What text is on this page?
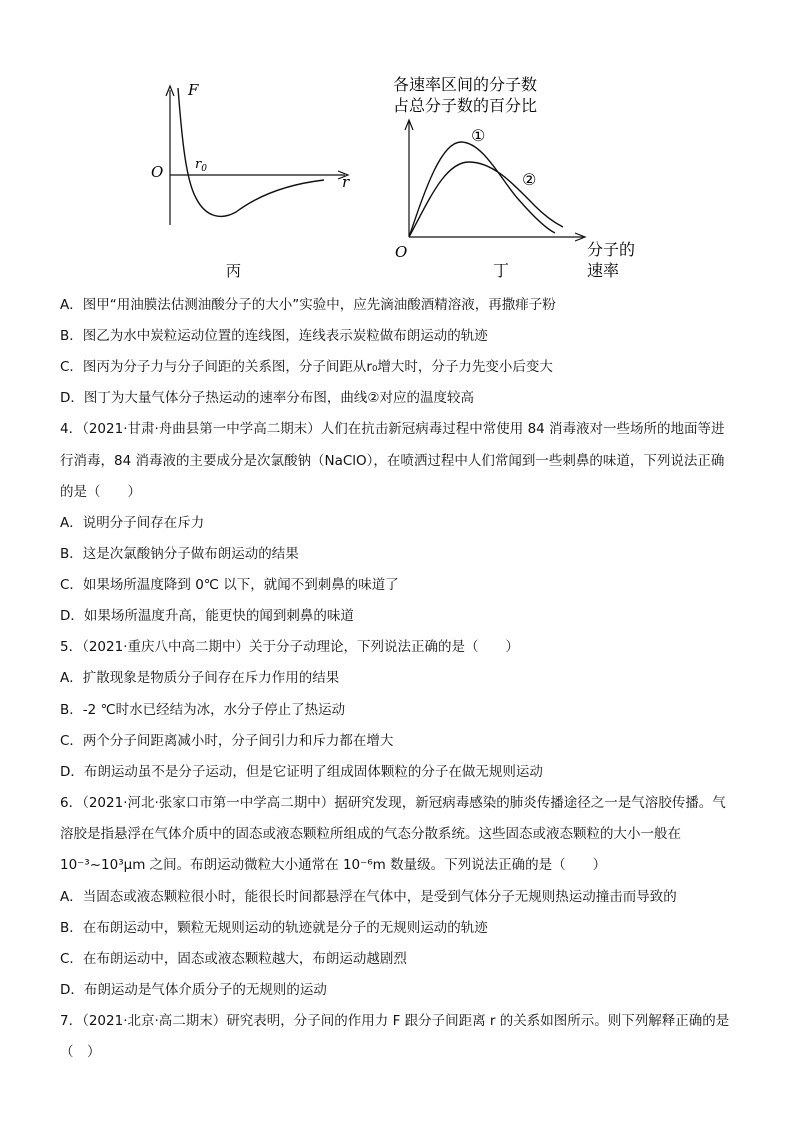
F
O $r_0$
r
丙
各速率区间的分子数
占总分子数的百分比
①
②
O	分子的
速率
丁
A．图甲“用油膜法估测油酸分子的大小”实验中，应先滴油酸酒精溶液，再撒痱子粉
B．图乙为水中炭粒运动位置的连线图，连线表示炭粒做布朗运动的轨迹
C．图丙为分子力与分子间距的关系图，分子间距从r₀增大时，分子力先变小后变大
D．图丁为大量气体分子热运动的速率分布图，曲线②对应的温度较高
4．（2021·甘肃·舟曲县第一中学高二期末）人们在抗击新冠病毒过程中常使用 84 消毒液对一些场所的地面等进
行消毒，84 消毒液的主要成分是次氯酸钠（NaClO），在喷洒过程中人们常闻到一些刺鼻的味道，下列说法正确
的是（　　）
A．说明分子间存在斥力
B．这是次氯酸钠分子做布朗运动的结果
C．如果场所温度降到 0℃ 以下，就闻不到刺鼻的味道了
D．如果场所温度升高，能更快的闻到刺鼻的味道
5．（2021·重庆八中高二期中）关于分子动理论，下列说法正确的是（　　）
A．扩散现象是物质分子间存在斥力作用的结果
B．-2 ℃时水已经结为冰，水分子停止了热运动
C．两个分子间距离减小时，分子间引力和斥力都在增大
D．布朗运动虽不是分子运动，但是它证明了组成固体颗粒的分子在做无规则运动
6．（2021·河北·张家口市第一中学高二期中）据研究发现，新冠病毒感染的肺炎传播途径之一是气溶胶传播。气
溶胶是指悬浮在气体介质中的固态或液态颗粒所组成的气态分散系统。这些固态或液态颗粒的大小一般在
10⁻³~10³μm 之间。布朗运动微粒大小通常在 10⁻⁶m 数量级。下列说法正确的是（　　）
A．当固态或液态颗粒很小时，能很长时间都悬浮在气体中，是受到气体分子无规则热运动撞击而导致的
B．在布朗运动中，颗粒无规则运动的轨迹就是分子的无规则运动的轨迹
C．在布朗运动中，固态或液态颗粒越大，布朗运动越剧烈
D．布朗运动是气体介质分子的无规则的运动
7．（2021·北京·高二期末）研究表明，分子间的作用力 F 跟分子间距离 r 的关系如图所示。则下列解释正确的是
（　）
